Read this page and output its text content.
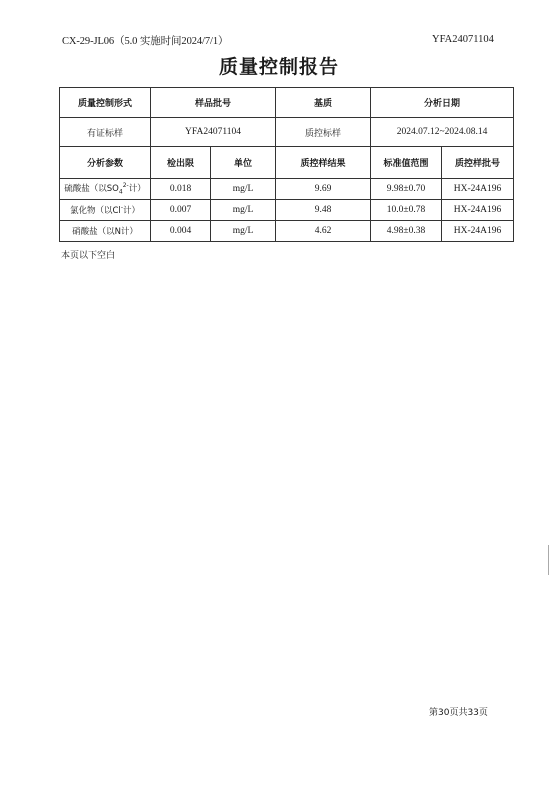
CX-29-JL06（5.0 实施时间2024/7/1）	YFA24071104
质量控制报告
质量控制形式	样品批号		基质	分析日期	
有证标样	YFA24071104		质控标样	2024.07.12~2024.08.14	
分析参数	检出限	单位	质控样结果	标准值范围	质控样批号
硫酸盐（以$SO_4^{2-}$计）	0.018	mg/L	9.69	9.98±0.70	HX-24A196
氯化物（以Cl-计）	0.007	mg/L	9.48	10.0±0.78	HX-24A196
硝酸盐（以N计）	0.004	mg/L	4.62	4.98±0.38	HX-24A196
本页以下空白
第30页共33页
